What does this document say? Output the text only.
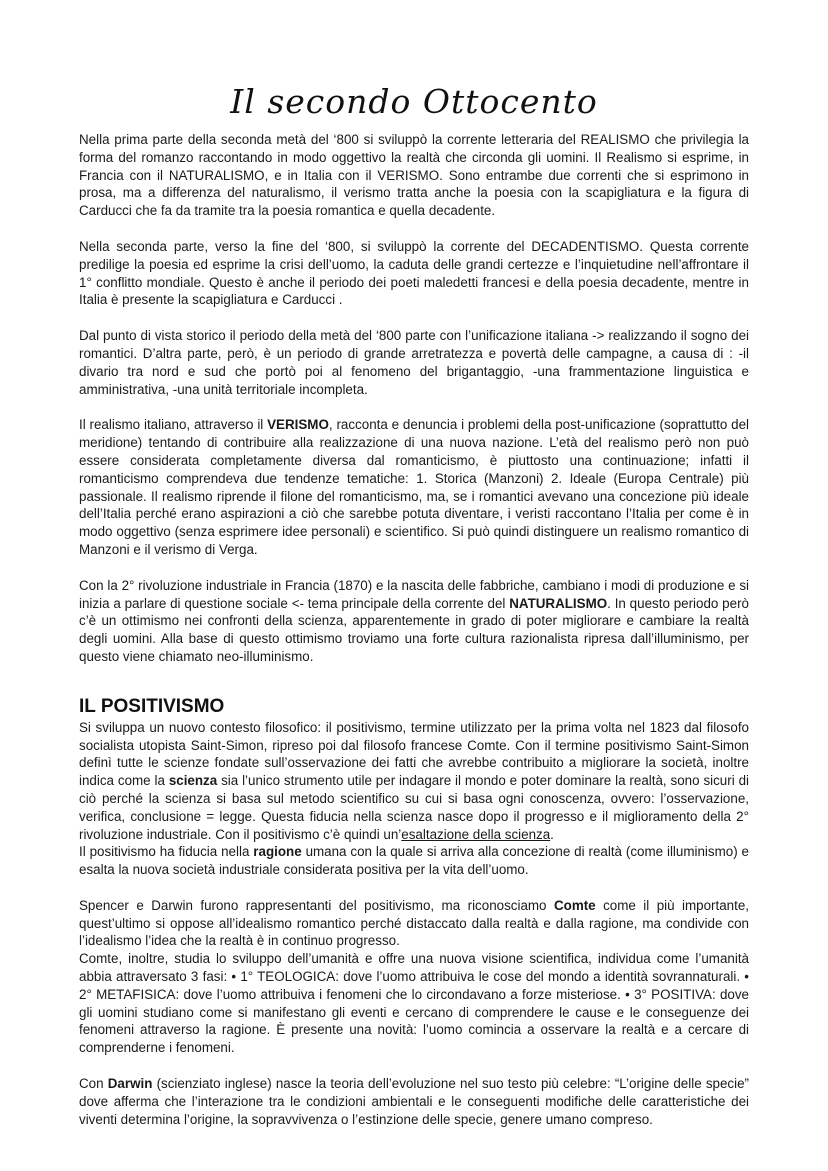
Il secondo Ottocento

Nella prima parte della seconda metà del ‘800 si sviluppò la corrente letteraria del REALISMO che privilegia la forma del romanzo raccontando in modo oggettivo la realtà che circonda gli uomini. Il Realismo si esprime, in Francia con il NATURALISMO, e in Italia con il VERISMO. Sono entrambe due correnti che si esprimono in prosa, ma a differenza del naturalismo, il verismo tratta anche la poesia con la scapigliatura e la figura di Carducci che fa da tramite tra la poesia romantica e quella decadente.

Nella seconda parte, verso la fine del ‘800, si sviluppò la corrente del DECADENTISMO. Questa corrente predilige la poesia ed esprime la crisi dell’uomo, la caduta delle grandi certezze e l’inquietudine nell’affrontare il 1° conflitto mondiale. Questo è anche il periodo dei poeti maledetti francesi e della poesia decadente, mentre in Italia è presente la scapigliatura e Carducci .

Dal punto di vista storico il periodo della metà del ‘800 parte con l’unificazione italiana -> realizzando il sogno dei romantici. D’altra parte, però, è un periodo di grande arretratezza e povertà delle campagne, a causa di : -il divario tra nord e sud che portò poi al fenomeno del brigantaggio, -una frammentazione linguistica e amministrativa, -una unità territoriale incompleta.

Il realismo italiano, attraverso il VERISMO, racconta e denuncia i problemi della post-unificazione (soprattutto del meridione) tentando di contribuire alla realizzazione di una nuova nazione. L’età del realismo però non può essere considerata completamente diversa dal romanticismo, è piuttosto una continuazione; infatti il romanticismo comprendeva due tendenze tematiche: 1. Storica (Manzoni) 2. Ideale (Europa Centrale) più passionale. Il realismo riprende il filone del romanticismo, ma, se i romantici avevano una concezione più ideale dell’Italia perché erano aspirazioni a ciò che sarebbe potuta diventare, i veristi raccontano l’Italia per come è in modo oggettivo (senza esprimere idee personali) e scientifico. Si può quindi distinguere un realismo romantico di Manzoni e il verismo di Verga.

Con la 2° rivoluzione industriale in Francia (1870) e la nascita delle fabbriche, cambiano i modi di produzione e si inizia a parlare di questione sociale <- tema principale della corrente del NATURALISMO. In questo periodo però c’è un ottimismo nei confronti della scienza, apparentemente in grado di poter migliorare e cambiare la realtà degli uomini. Alla base di questo ottimismo troviamo una forte cultura razionalista ripresa dall’illuminismo, per questo viene chiamato neo-illuminismo.

IL POSITIVISMO

Si sviluppa un nuovo contesto filosofico: il positivismo, termine utilizzato per la prima volta nel 1823 dal filosofo socialista utopista Saint-Simon, ripreso poi dal filosofo francese Comte. Con il termine positivismo Saint-Simon definì tutte le scienze fondate sull’osservazione dei fatti che avrebbe contribuito a migliorare la società, inoltre indica come la scienza sia l’unico strumento utile per indagare il mondo e poter dominare la realtà, sono sicuri di ciò perché la scienza si basa sul metodo scientifico su cui si basa ogni conoscenza, ovvero: l’osservazione, verifica, conclusione = legge. Questa fiducia nella scienza nasce dopo il progresso e il miglioramento della 2° rivoluzione industriale. Con il positivismo c’è quindi un’esaltazione della scienza.

Il positivismo ha fiducia nella ragione umana con la quale si arriva alla concezione di realtà (come illuminismo) e esalta la nuova società industriale considerata positiva per la vita dell’uomo.

Spencer e Darwin furono rappresentanti del positivismo, ma riconosciamo Comte come il più importante, quest’ultimo si oppose all’idealismo romantico perché distaccato dalla realtà e dalla ragione, ma condivide con l’idealismo l’idea che la realtà è in continuo progresso.

Comte, inoltre, studia lo sviluppo dell’umanità e offre una nuova visione scientifica, individua come l’umanità abbia attraversato 3 fasi: • 1° TEOLOGICA: dove l’uomo attribuiva le cose del mondo a identità sovrannaturali. • 2° METAFISICA: dove l’uomo attribuiva i fenomeni che lo circondavano a forze misteriose. • 3° POSITIVA: dove gli uomini studiano come si manifestano gli eventi e cercano di comprendere le cause e le conseguenze dei fenomeni attraverso la ragione. È presente una novità: l’uomo comincia a osservare la realtà e a cercare di comprenderne i fenomeni.

Con Darwin (scienziato inglese) nasce la teoria dell’evoluzione nel suo testo più celebre: “L’origine delle specie” dove afferma che l’interazione tra le condizioni ambientali e le conseguenti modifiche delle caratteristiche dei viventi determina l’origine, la sopravvivenza o l’estinzione delle specie, genere umano compreso.
